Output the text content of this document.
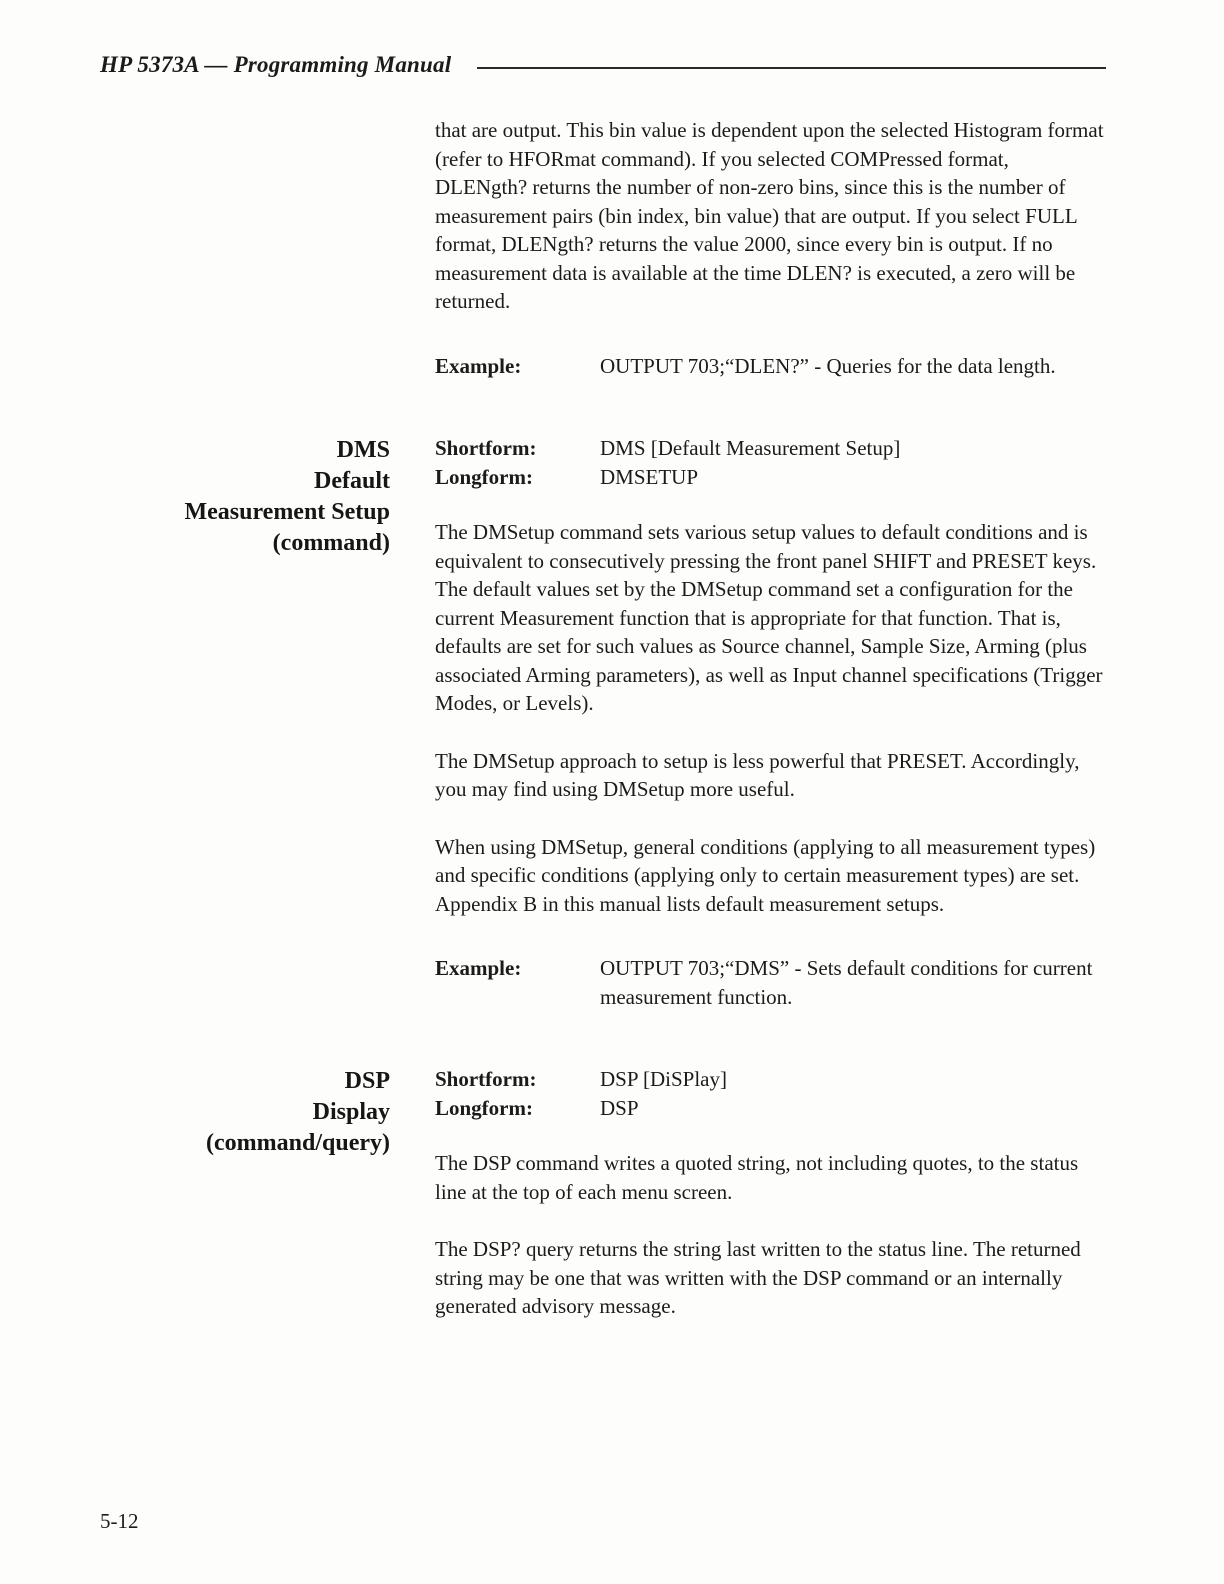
HP 5373A — Programming Manual

that are output. This bin value is dependent upon the selected Histogram format (refer to HFORmat command). If you selected COMPressed format, DLENgth? returns the number of non-zero bins, since this is the number of measurement pairs (bin index, bin value) that are output. If you select FULL format, DLENgth? returns the value 2000, since every bin is output. If no measurement data is available at the time DLEN? is executed, a zero will be returned.

Example:	OUTPUT 703;“DLEN?” - Queries for the data length.
DMS
Default
Measurement Setup
(command)
Shortform:	DMS [Default Measurement Setup]
Longform:	DMSETUP

The DMSetup command sets various setup values to default conditions and is equivalent to consecutively pressing the front panel SHIFT and PRESET keys. The default values set by the DMSetup command set a configuration for the current Measurement function that is appropriate for that function. That is, defaults are set for such values as Source channel, Sample Size, Arming (plus associated Arming parameters), as well as Input channel specifications (Trigger Modes, or Levels).

The DMSetup approach to setup is less powerful that PRESET. Accordingly, you may find using DMSetup more useful.

When using DMSetup, general conditions (applying to all measurement types) and specific conditions (applying only to certain measurement types) are set. Appendix B in this manual lists default measurement setups.

Example:	OUTPUT 703;“DMS” - Sets default conditions for current measurement function.
DSP
Display
(command/query)
Shortform:	DSP [DiSPlay]
Longform:	DSP

The DSP command writes a quoted string, not including quotes, to the status line at the top of each menu screen.

The DSP? query returns the string last written to the status line. The returned string may be one that was written with the DSP command or an internally generated advisory message.

5-12
